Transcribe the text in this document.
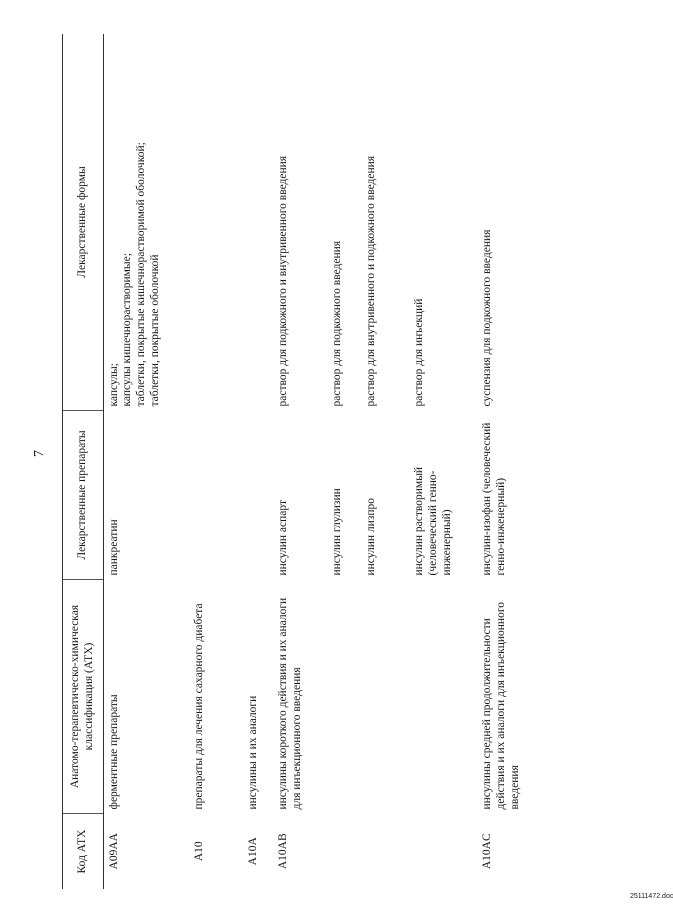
7
Код АТХ	Анатомо-терапевтическо-химическая классификация (АТХ)	Лекарственные препараты	Лекарственные формы
A09AA	ферментные препараты	панкреатин	капсулы;
капсулы кишечнорастворимые;
таблетки, покрытые кишечнорастворимой оболочкой;
таблетки, покрытые оболочкой
A10	препараты для лечения сахарного диабета		
A10A	инсулины и их аналоги		
A10AB	инсулины короткого действия и их аналоги для инъекционного введения	инсулин аспарт	раствор для подкожного и внутривенного введения
		инсулин глулизин	раствор для подкожного введения
		инсулин лизпро	раствор для внутривенного и подкожного введения
		инсулин растворимый (человеческий генно-инженерный)	раствор для инъекций
A10AC	инсулины средней продолжительности действия и их аналоги для инъекционного введения	инсулин-изофан (человеческий генно-инженерный)	суспензия для подкожного введения
25111472.doc
